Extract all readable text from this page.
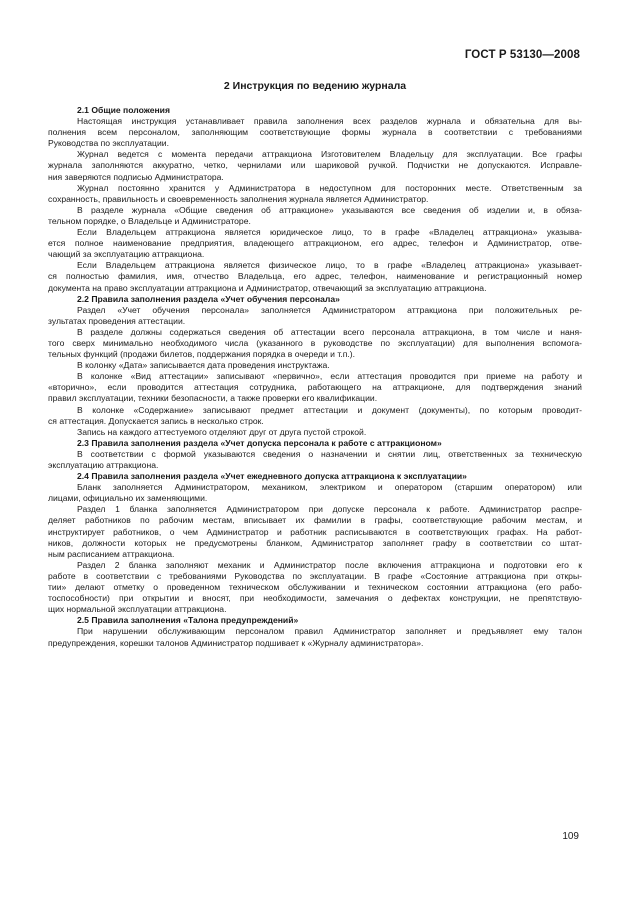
ГОСТ Р 53130—2008
2 Инструкция по ведению журнала
2.1 Общие положения
Настоящая инструкция устанавливает правила заполнения всех разделов журнала и обязательна для вы-
полнения всем персоналом, заполняющим соответствующие формы журнала в соответствии с требованиями
Руководства по эксплуатации.
Журнал ведется с момента передачи аттракциона Изготовителем Владельцу для эксплуатации. Все графы
журнала заполняются аккуратно, четко, чернилами или шариковой ручкой. Подчистки не допускаются. Исправле-
ния заверяются подписью Администратора.
Журнал постоянно хранится у Администратора в недоступном для посторонних месте. Ответственным за
сохранность, правильность и своевременность заполнения журнала является Администратор.
В разделе журнала «Общие сведения об аттракционе» указываются все сведения об изделии и, в обяза-
тельном порядке, о Владельце и Администраторе.
Если Владельцем аттракциона является юридическое лицо, то в графе «Владелец аттракциона» указыва-
ется полное наименование предприятия, владеющего аттракционом, его адрес, телефон и Администратор, отве-
чающий за эксплуатацию аттракциона.
Если Владельцем аттракциона является физическое лицо, то в графе «Владелец аттракциона» указывает-
ся полностью фамилия, имя, отчество Владельца, его адрес, телефон, наименование и регистрационный номер
документа на право эксплуатации аттракциона и Администратор, отвечающий за эксплуатацию аттракциона.
2.2 Правила заполнения раздела «Учет обучения персонала»
Раздел «Учет обучения персонала» заполняется Администратором аттракциона при положительных ре-
зультатах проведения аттестации.
В разделе должны содержаться сведения об аттестации всего персонала аттракциона, в том числе и наня-
того сверх минимально необходимого числа (указанного в руководстве по эксплуатации) для выполнения вспомога-
тельных функций (продажи билетов, поддержания порядка в очереди и т.п.).
В колонку «Дата» записывается дата проведения инструктажа.
В колонке «Вид аттестации» записывают «первично», если аттестация проводится при приеме на работу и
«вторично», если проводится аттестация сотрудника, работающего на аттракционе, для подтверждения знаний
правил эксплуатации, техники безопасности, а также проверки его квалификации.
В колонке «Содержание» записывают предмет аттестации и документ (документы), по которым проводит-
ся аттестация. Допускается запись в несколько строк.
Запись на каждого аттестуемого отделяют друг от друга пустой строкой.
2.3 Правила заполнения раздела «Учет допуска персонала к работе с аттракционом»
В соответствии с формой указываются сведения о назначении и снятии лиц, ответственных за техническую
эксплуатацию аттракциона.
2.4 Правила заполнения раздела «Учет ежедневного допуска аттракциона к эксплуатации»
Бланк заполняется Администратором, механиком, электриком и оператором (старшим оператором) или
лицами, официально их заменяющими.
Раздел 1 бланка заполняется Администратором при допуске персонала к работе. Администратор распре-
деляет работников по рабочим местам, вписывает их фамилии в графы, соответствующие рабочим местам, и
инструктирует работников, о чем Администратор и работник расписываются в соответствующих графах. На работ-
ников, должности которых не предусмотрены бланком, Администратор заполняет графу в соответствии со штат-
ным расписанием аттракциона.
Раздел 2 бланка заполняют механик и Администратор после включения аттракциона и подготовки его к
работе в соответствии с требованиями Руководства по эксплуатации. В графе «Состояние аттракциона при откры-
тии» делают отметку о проведенном техническом обслуживании и техническом состоянии аттракциона (его рабо-
тоспособности) при открытии и вносят, при необходимости, замечания о дефектах конструкции, не препятствую-
щих нормальной эксплуатации аттракциона.
2.5 Правила заполнения «Талона предупреждений»
При нарушении обслуживающим персоналом правил Администратор заполняет и предъявляет ему талон
предупреждения, корешки талонов Администратор подшивает к «Журналу администратора».
109
